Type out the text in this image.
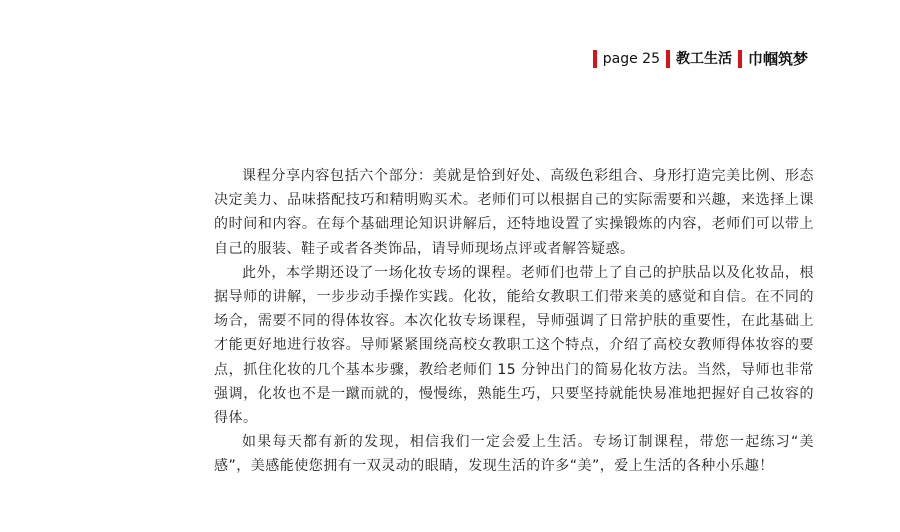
page 25 教工生活 巾帼筑梦

课程分享内容包括六个部分：美就是恰到好处、高级色彩组合、身形打造完美比例、形态决定美力、品味搭配技巧和精明购买术。老师们可以根据自己的实际需要和兴趣，来选择上课的时间和内容。在每个基础理论知识讲解后，还特地设置了实操锻炼的内容，老师们可以带上自己的服装、鞋子或者各类饰品，请导师现场点评或者解答疑惑。

此外，本学期还设了一场化妆专场的课程。老师们也带上了自己的护肤品以及化妆品，根据导师的讲解，一步步动手操作实践。化妆，能给女教职工们带来美的感觉和自信。在不同的场合，需要不同的得体妆容。本次化妆专场课程，导师强调了日常护肤的重要性，在此基础上才能更好地进行妆容。导师紧紧围绕高校女教职工这个特点，介绍了高校女教师得体妆容的要点，抓住化妆的几个基本步骤，教给老师们 15 分钟出门的简易化妆方法。当然，导师也非常强调，化妆也不是一蹴而就的，慢慢练，熟能生巧，只要坚持就能快易准地把握好自己妆容的得体。

如果每天都有新的发现，相信我们一定会爱上生活。专场订制课程，带您一起练习“美感”，美感能使您拥有一双灵动的眼睛，发现生活的许多“美”，爱上生活的各种小乐趣！
